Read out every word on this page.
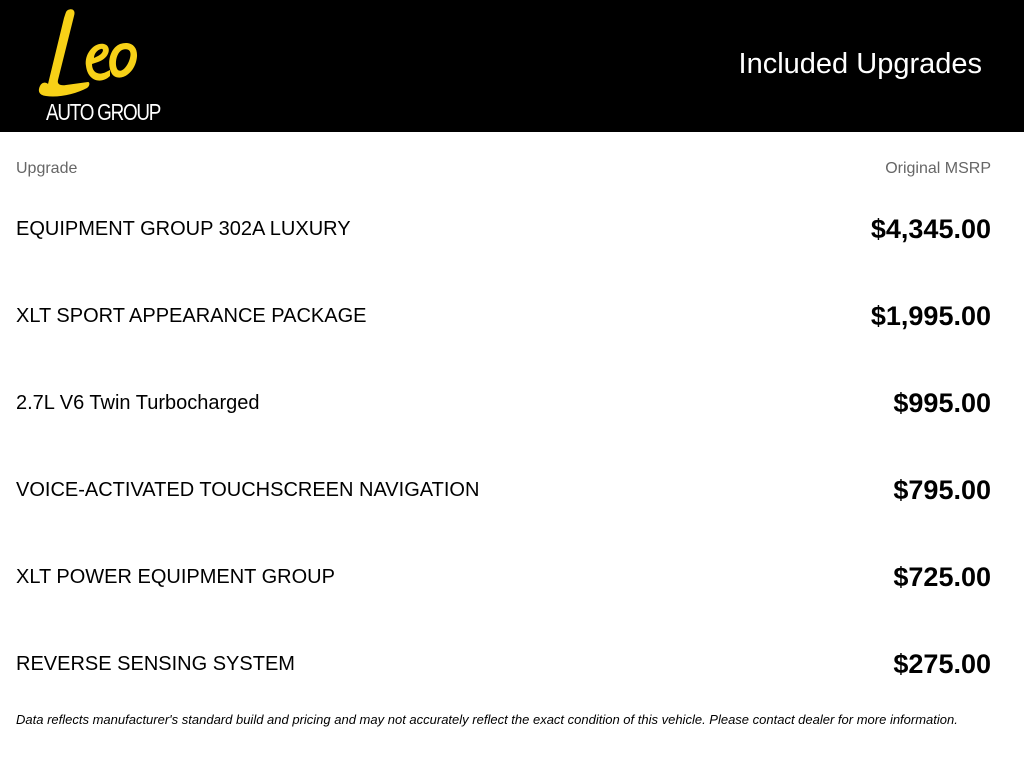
AUTO GROUP
Included Upgrades
Upgrade	Original MSRP
EQUIPMENT GROUP 302A LUXURY	$4,345.00
XLT SPORT APPEARANCE PACKAGE	$1,995.00
2.7L V6 Twin Turbocharged	$995.00
VOICE-ACTIVATED TOUCHSCREEN NAVIGATION	$795.00
XLT POWER EQUIPMENT GROUP	$725.00
REVERSE SENSING SYSTEM	$275.00

Data reflects manufacturer's standard build and pricing and may not accurately reflect the exact condition of this vehicle. Please contact dealer for more information.
